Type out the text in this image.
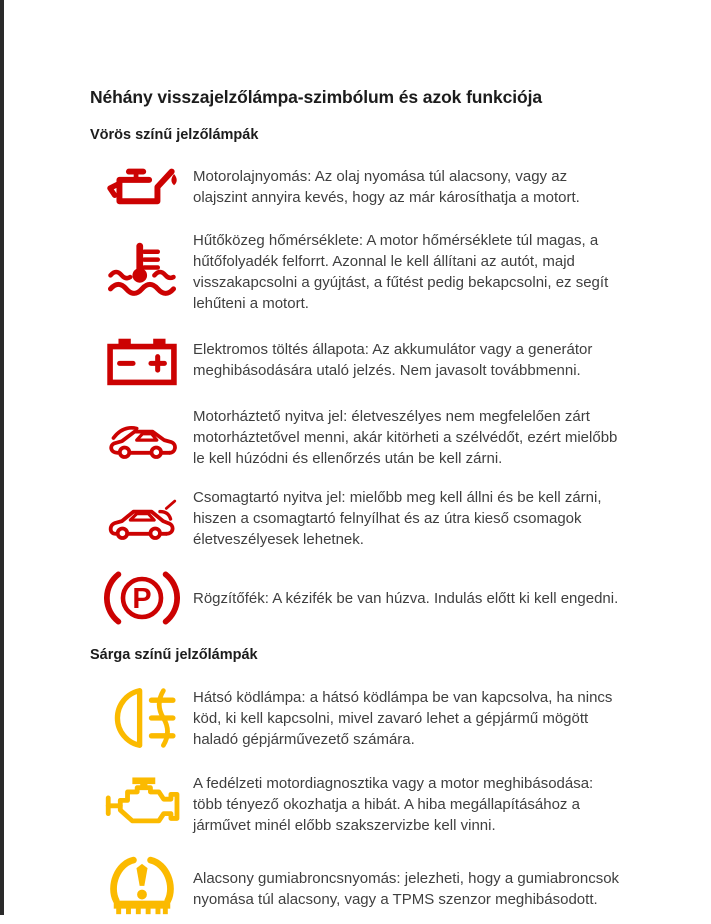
Néhány visszajelzőlámpa-szimbólum és azok funkciója
Vörös színű jelzőlámpák

Motorolajnyomás: Az olaj nyomása túl alacsony, vagy az olajszint annyira kevés, hogy az már károsíthatja a motort.

Hűtőközeg hőmérséklete: A motor hőmérséklete túl magas, a hűtőfolyadék felforrt. Azonnal le kell állítani az autót, majd visszakapcsolni a gyújtást, a fűtést pedig bekapcsolni, ez segít lehűteni a motort.

Elektromos töltés állapota: Az akkumulátor vagy a generátor meghibásodására utaló jelzés. Nem javasolt továbbmenni.

Motorháztető nyitva jel: életveszélyes nem megfelelően zárt motorháztetővel menni, akár kitörheti a szélvédőt, ezért mielőbb le kell húzódni és ellenőrzés után be kell zárni.

Csomagtartó nyitva jel: mielőbb meg kell állni és be kell zárni, hiszen a csomagtartó felnyílhat és az útra kieső csomagok életveszélyesek lehetnek.

P	Rögzítőfék: A kézifék be van húzva. Indulás előtt ki kell engedni.

Sárga színű jelzőlámpák

Hátsó ködlámpa: a hátsó ködlámpa be van kapcsolva, ha nincs köd, ki kell kapcsolni, mivel zavaró lehet a gépjármű mögött haladó gépjárművezető számára.

A fedélzeti motordiagnosztika vagy a motor meghibásodása: több tényező okozhatja a hibát. A hiba megállapításához a járművet minél előbb szakszervizbe kell vinni.

Alacsony gumiabroncsnyomás: jelezheti, hogy a gumiabroncsok nyomása túl alacsony, vagy a TPMS szenzor meghibásodott.
